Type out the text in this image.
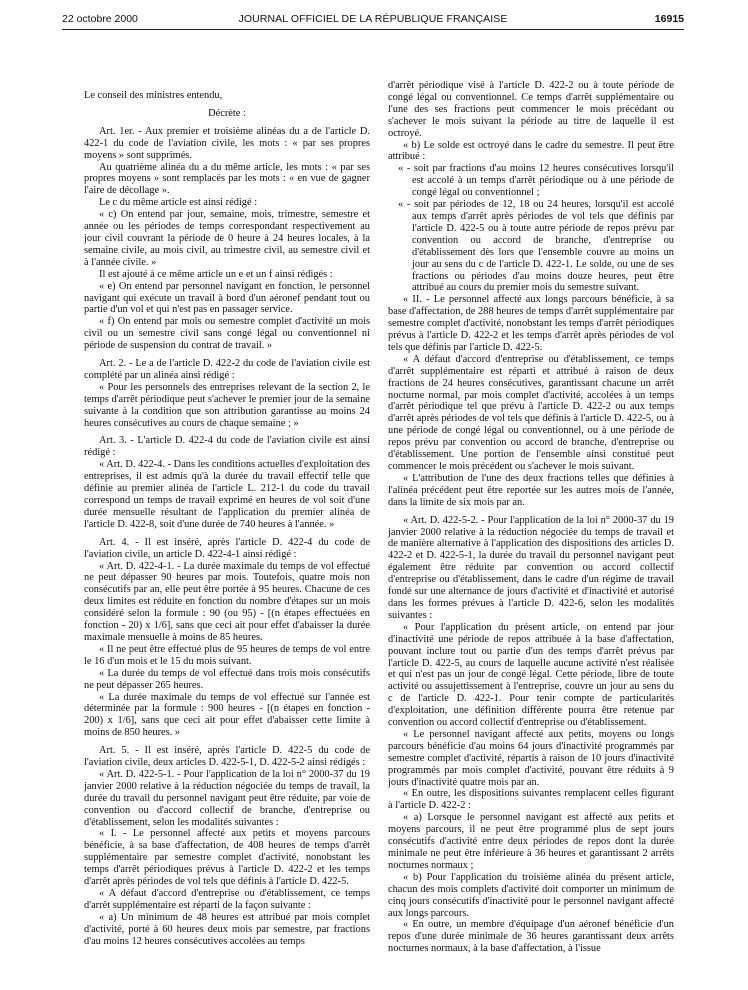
22 octobre 2000	JOURNAL OFFICIEL DE LA RÉPUBLIQUE FRANÇAISE	16915

Le conseil des ministres entendu,

Décrète :

Art. 1er. - Aux premier et troisième alinéas du a de l'article D. 422-1 du code de l'aviation civile, les mots : « par ses propres moyens » sont supprimés.

Au quatrième alinéa du a du même article, les mots : « par ses propres moyens » sont remplacés par les mots : « en vue de gagner l'aire de décollage ».

Le c du même article est ainsi rédigé :

« c) On entend par jour, semaine, mois, trimestre, semestre et année ou les périodes de temps correspondant respectivement au jour civil couvrant la période de 0 heure à 24 heures locales, à la semaine civile, au mois civil, au trimestre civil, au semestre civil et à l'année civile. »

Il est ajouté à ce même article un e et un f ainsi rédigés :

« e) On entend par personnel navigant en fonction, le personnel navigant qui exécute un travail à bord d'un aéronef pendant tout ou partie d'un vol et qui n'est pas en passager service.

« f) On entend par mois ou semestre complet d'activité un mois civil ou un semestre civil sans congé légal ou conventionnel ni période de suspension du contrat de travail. »

Art. 2. - Le a de l'article D. 422-2 du code de l'aviation civile est complété par un alinéa ainsi rédigé :

« Pour les personnels des entreprises relevant de la section 2, le temps d'arrêt périodique peut s'achever le premier jour de la semaine suivante à la condition que son attribution garantisse au moins 24 heures consécutives au cours de chaque semaine ; »

Art. 3. - L'article D. 422-4 du code de l'aviation civile est ainsi rédigé :

« Art. D. 422-4. - Dans les conditions actuelles d'exploitation des entreprises, il est admis qu'à la durée du travail effectif telle que définie au premier alinéa de l'article L. 212-1 du code du travail correspond un temps de travail exprimé en heures de vol soit d'une durée mensuelle résultant de l'application du premier alinéa de l'article D. 422-8, soit d'une durée de 740 heures à l'année. »

Art. 4. - Il est inséré, après l'article D. 422-4 du code de l'aviation civile, un article D. 422-4-1 ainsi rédigé :

« Art. D. 422-4-1. - La durée maximale du temps de vol effectué ne peut dépasser 90 heures par mois. Toutefois, quatre mois non consécutifs par an, elle peut être portée à 95 heures. Chacune de ces deux limites est réduite en fonction du nombre d'étapes sur un mois considéré selon la formule : 90 (ou 95) - [(n étapes effectuées en fonction - 20) x 1/6], sans que ceci ait pour effet d'abaisser la durée maximale mensuelle à moins de 85 heures.

« Il ne peut être effectué plus de 95 heures de temps de vol entre le 16 d'un mois et le 15 du mois suivant.

« La durée du temps de vol effectué dans trois mois consécutifs ne peut dépasser 265 heures.

« La durée maximale du temps de vol effectué sur l'année est déterminée par la formule : 900 heures - [(n étapes en fonction - 200) x 1/6], sans que ceci ait pour effet d'abaisser cette limite à moins de 850 heures. »

Art. 5. - Il est inséré, après l'article D. 422-5 du code de l'aviation civile, deux articles D. 422-5-1, D. 422-5-2 ainsi rédigés :

« Art. D. 422-5-1. - Pour l'application de la loi n° 2000-37 du 19 janvier 2000 relative à la réduction négociée du temps de travail, la durée du travail du personnel navigant peut être réduite, par voie de convention ou d'accord collectif de branche, d'entreprise ou d'établissement, selon les modalités suivantes :

« I. - Le personnel affecté aux petits et moyens parcours bénéficie, à sa base d'affectation, de 408 heures de temps d'arrêt supplémentaire par semestre complet d'activité, nonobstant les temps d'arrêt périodiques prévus à l'article D. 422-2 et les temps d'arrêt après périodes de vol tels que définis à l'article D. 422-5.

« A défaut d'accord d'entreprise ou d'établissement, ce temps d'arrêt supplémentaire est réparti de la façon suivante :

« a) Un minimum de 48 heures est attribué par mois complet d'activité, porté à 60 heures deux mois par semestre, par fractions d'au moins 12 heures consécutives accolées au temps

d'arrêt périodique visé à l'article D. 422-2 ou à toute période de congé légal ou conventionnel. Ce temps d'arrêt supplémentaire ou l'une des ses fractions peut commencer le mois précédant ou s'achever le mois suivant la période au titre de laquelle il est octroyé.

« b) Le solde est octroyé dans le cadre du semestre. Il peut être attribué :

« - soit par fractions d'au moins 12 heures consécutives lorsqu'il est accolé à un temps d'arrêt périodique ou à une période de congé légal ou conventionnel ;

« - soit par périodes de 12, 18 ou 24 heures, lorsqu'il est accolé aux temps d'arrêt après périodes de vol tels que définis par l'article D. 422-5 ou à toute autre période de repos prévu par convention ou accord de branche, d'entreprise ou d'établissement dès lors que l'ensemble couvre au moins un jour au sens du c de l'article D. 422-1. Le solde, ou une de ses fractions ou périodes d'au moins douze heures, peut être attribué au cours du premier mois du semestre suivant.

« II. - Le personnel affecté aux longs parcours bénéficie, à sa base d'affectation, de 288 heures de temps d'arrêt supplémentaire par semestre complet d'activité, nonobstant les temps d'arrêt périodiques prévus à l'article D. 422-2 et les temps d'arrêt après périodes de vol tels que définis par l'article D. 422-5.

« A défaut d'accord d'entreprise ou d'établissement, ce temps d'arrêt supplémentaire est réparti et attribué à raison de deux fractions de 24 heures consécutives, garantissant chacune un arrêt nocturne normal, par mois complet d'activité, accolées à un temps d'arrêt périodique tel que prévu à l'article D. 422-2 ou aux temps d'arrêt après périodes de vol tels que définis à l'article D. 422-5, ou à une période de congé légal ou conventionnel, ou à une période de repos prévu par convention ou accord de branche, d'entreprise ou d'établissement. Une portion de l'ensemble ainsi constitué peut commencer le mois précédent ou s'achever le mois suivant.

« L'attribution de l'une des deux fractions telles que définies à l'alinéa précédent peut être reportée sur les autres mois de l'année, dans la limite de six mois par an.

« Art. D. 422-5-2. - Pour l'application de la loi n° 2000-37 du 19 janvier 2000 relative à la réduction négociée du temps de travail et de manière alternative à l'application des dispositions des articles D. 422-2 et D. 422-5-1, la durée du travail du personnel navigant peut également être réduite par convention ou accord collectif d'entreprise ou d'établissement, dans le cadre d'un régime de travail fondé sur une alternance de jours d'activité et d'inactivité et autorisé dans les formes prévues à l'article D. 422-6, selon les modalités suivantes :

« Pour l'application du présent article, on entend par jour d'inactivité une période de repos attribuée à la base d'affectation, pouvant inclure tout ou partie d'un des temps d'arrêt prévus par l'article D. 422-5, au cours de laquelle aucune activité n'est réalisée et qui n'est pas un jour de congé légal. Cette période, libre de toute activité ou assujettissement à l'entreprise, couvre un jour au sens du c de l'article D. 422-1. Pour tenir compte de particularités d'exploitation, une définition différente pourra être retenue par convention ou accord collectif d'entreprise ou d'établissement.

« Le personnel navigant affecté aux petits, moyens ou longs parcours bénéficie d'au moins 64 jours d'inactivité programmés par semestre complet d'activité, répartis à raison de 10 jours d'inactivité programmés par mois complet d'activité, pouvant être réduits à 9 jours d'inactivité quatre mois par an.

« En outre, les dispositions suivantes remplacent celles figurant à l'article D. 422-2 :

« a) Lorsque le personnel navigant est affecté aux petits et moyens parcours, il ne peut être programmé plus de sept jours consécutifs d'activité entre deux périodes de repos dont la durée minimale ne peut être inférieure à 36 heures et garantissant 2 arrêts nocturnes normaux ;

« b) Pour l'application du troisième alinéa du présent article, chacun des mois complets d'activité doit comporter un minimum de cinq jours consécutifs d'inactivité pour le personnel navigant affecté aux longs parcours.

« En outre, un membre d'équipage d'un aéronef bénéficie d'un repos d'une durée minimale de 36 heures garantissant deux arrêts nocturnes normaux, à la base d'affectation, à l'issue
